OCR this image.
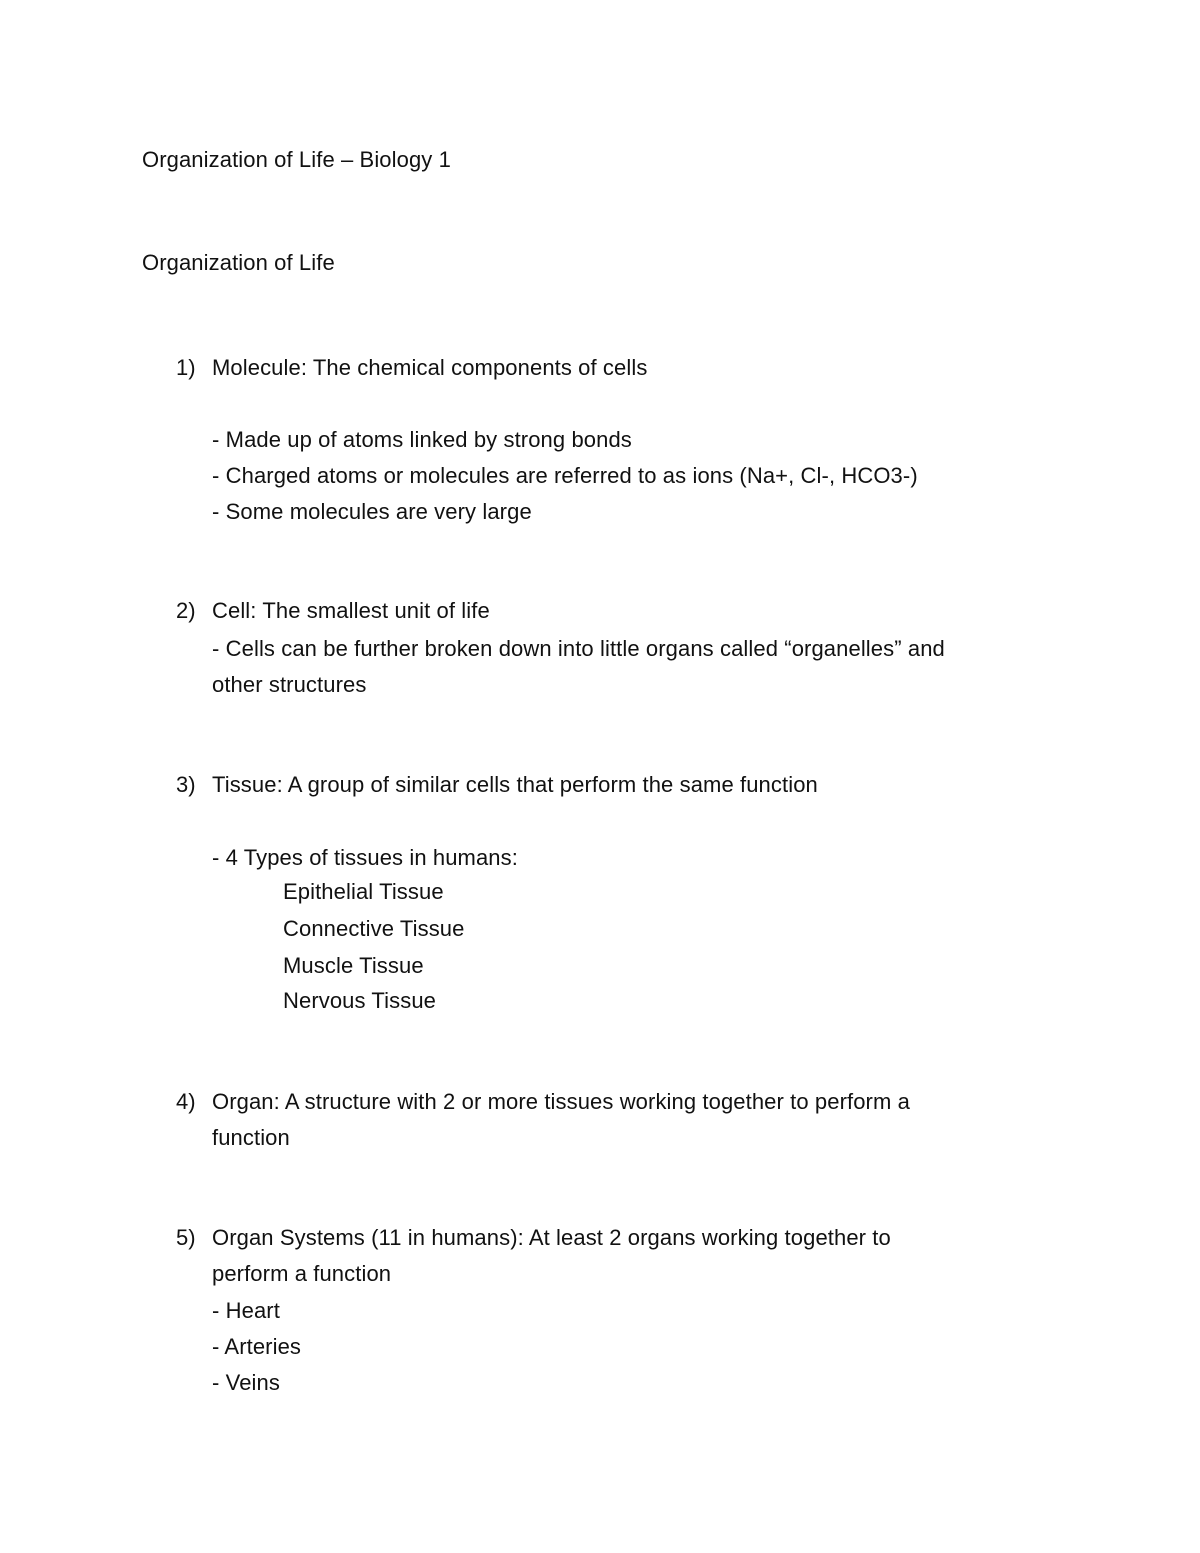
Organization of Life – Biology 1
Organization of Life
1) Molecule: The chemical components of cells
- Made up of atoms linked by strong bonds
- Charged atoms or molecules are referred to as ions (Na+, Cl-, HCO3-)
- Some molecules are very large
2) Cell: The smallest unit of life
- Cells can be further broken down into little organs called “organelles” and
other structures
3) Tissue: A group of similar cells that perform the same function
- 4 Types of tissues in humans:
Epithelial Tissue
Connective Tissue
Muscle Tissue
Nervous Tissue
4) Organ: A structure with 2 or more tissues working together to perform a
function
5) Organ Systems (11 in humans): At least 2 organs working together to
perform a function
- Heart
- Arteries
- Veins
